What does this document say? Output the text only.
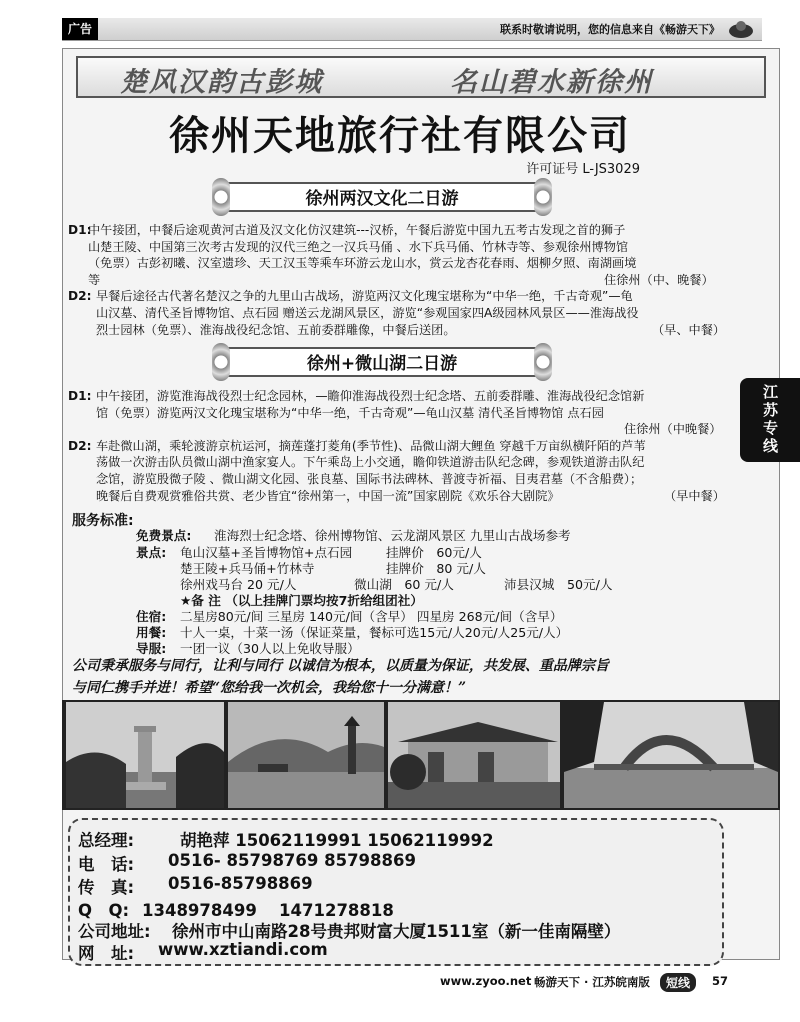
广告	联系时敬请说明，您的信息来自《畅游天下》
楚风汉韵古彭城	名山碧水新徐州
徐州天地旅行社有限公司
许可证号 L-JS3029
徐州两汉文化二日游
D1:
中午接团，中餐后途观黄河古道及汉文化仿汉建筑---汉桥，午餐后游览中国九五考古发现之首的狮子
山楚王陵、中国第三次考古发现的汉代三绝之一汉兵马俑 、水下兵马俑、竹林寺等、参观徐州博物馆
（免票）古彭初曦、汉室遗珍、天工汉玉等乘车环游云龙山水，赏云龙杏花春雨、烟柳夕照、南湖画境
等	住徐州（中、晚餐）
D2: 早餐后途径古代著名楚汉之争的九里山古战场，游览两汉文化瑰宝堪称为“中华一绝，千古奇观”—龟
山汉墓、清代圣旨博物馆、点石园 赠送云龙湖风景区，游览“参观国家四A级园林风景区——淮海战役
烈士园林（免票）、淮海战役纪念馆、五前委群雕像，中餐后送团。	（早、中餐）
徐州+微山湖二日游
D1: 中午接团，游览淮海战役烈士纪念园林，—瞻仰淮海战役烈士纪念塔、五前委群雕、淮海战役纪念馆新
馆（免票）游览两汉文化瑰宝堪称为“中华一绝，千古奇观”—龟山汉墓 清代圣旨博物馆 点石园
住徐州（中晚餐）
D2: 车赴微山湖，乘轮渡游京杭运河，摘莲蓬打菱角(季节性)、品微山湖大鲤鱼 穿越千万亩纵横阡陌的芦苇
荡做一次游击队员微山湖中渔家宴人。下午乘岛上小交通，瞻仰铁道游击队纪念碑，参观铁道游击队纪
念馆，游览殷微子陵 、微山湖文化园、张良墓、国际书法碑林、普渡寺祈福、目夷君墓（不含船费）；
晚餐后自费观赏雅俗共赏、老少皆宜“徐州第一，中国一流”国家剧院《欢乐谷大剧院》	（早中餐）
江苏专线
服务标准:
免费景点: 淮海烈士纪念塔、徐州博物馆、云龙湖风景区 九里山古战场参考
景点: 龟山汉墓+圣旨博物馆+点石园	挂牌价　60元/人
楚王陵+兵马俑+竹林寺	挂牌价　80 元/人
徐州戏马台 20 元/人	微山湖　60 元/人	沛县汉城　50元/人
★备 注 （以上挂牌门票均按7折给组团社）
住宿: 二星房80元/间 三星房 140元/间（含早） 四星房 268元/间（含早）
用餐: 十人一桌，十菜一汤（保证菜量，餐标可选15元/人20元/人25元/人）
导服: 一团一议（30人以上免收导服）
公司秉承服务与同行，让利与同行 以诚信为根本，以质量为保证，共发展、重品牌宗旨
与同仁携手并进！希望“您给我一次机会，我给您十一分满意！”
总经理:	胡艳萍 15062119991 15062119992
电　话: 0516- 85798769 85798869
传　真: 0516-85798869
Q　Q: 1348978499　 1471278818
公司地址: 徐州市中山南路28号贵邦财富大厦1511室（新一佳南隔壁）
网　址: www.xztiandi.com
www.zyoo.net 畅游天下 · 江苏皖南版	短线	57
